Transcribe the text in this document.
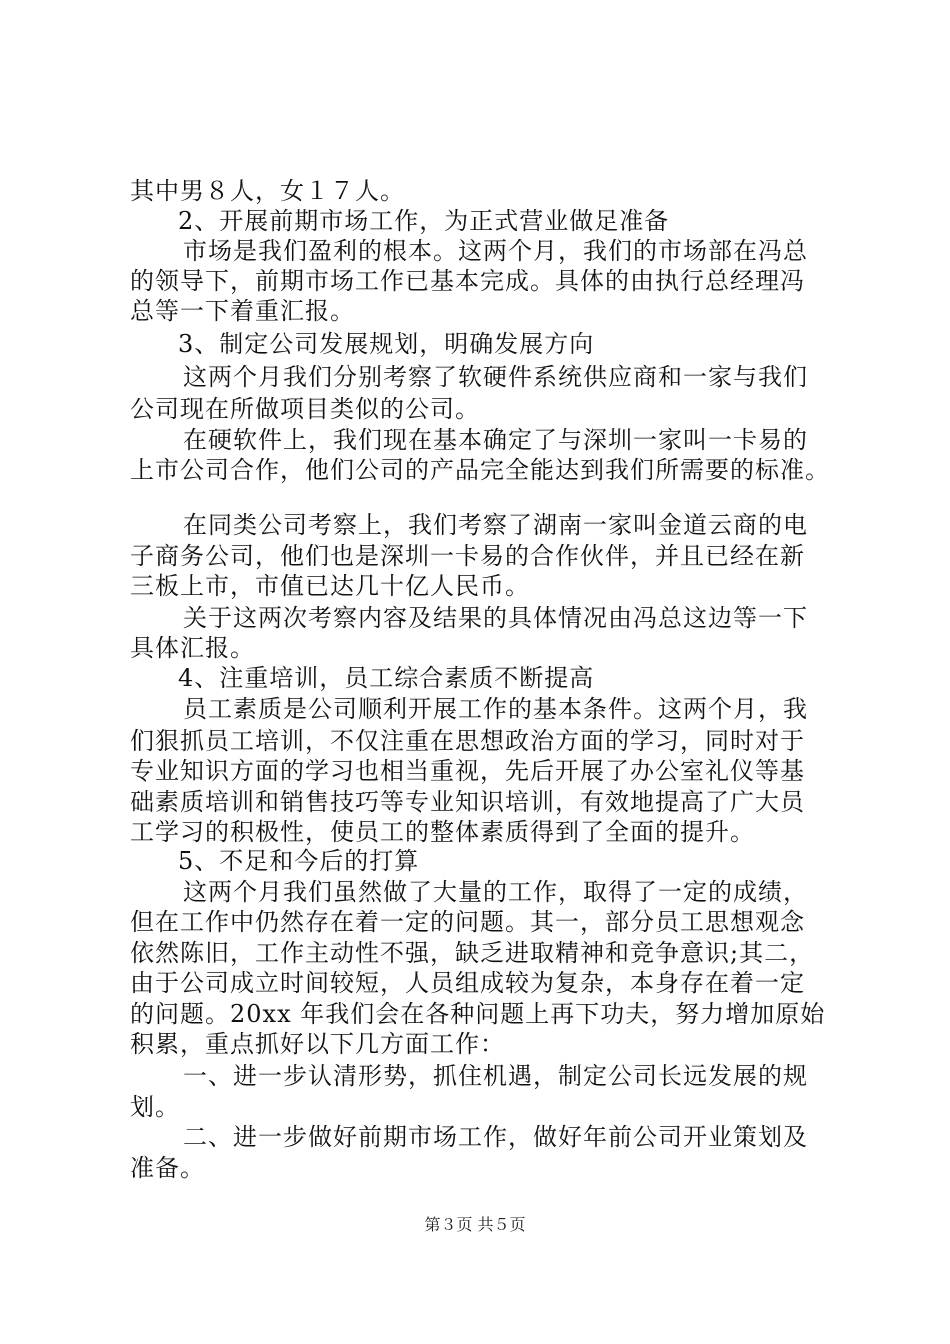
其中男８人，女１７人。
2、开展前期市场工作，为正式营业做足准备
市场是我们盈利的根本。这两个月，我们的市场部在冯总
的领导下，前期市场工作已基本完成。具体的由执行总经理冯
总等一下着重汇报。
3、制定公司发展规划，明确发展方向
这两个月我们分别考察了软硬件系统供应商和一家与我们
公司现在所做项目类似的公司。
在硬软件上，我们现在基本确定了与深圳一家叫一卡易的
上市公司合作，他们公司的产品完全能达到我们所需要的标准。
在同类公司考察上，我们考察了湖南一家叫金道云商的电
子商务公司，他们也是深圳一卡易的合作伙伴，并且已经在新
三板上市，市值已达几十亿人民币。
关于这两次考察内容及结果的具体情况由冯总这边等一下
具体汇报。
4、注重培训，员工综合素质不断提高
员工素质是公司顺利开展工作的基本条件。这两个月，我
们狠抓员工培训，不仅注重在思想政治方面的学习，同时对于
专业知识方面的学习也相当重视，先后开展了办公室礼仪等基
础素质培训和销售技巧等专业知识培训，有效地提高了广大员
工学习的积极性，使员工的整体素质得到了全面的提升。
5、不足和今后的打算
这两个月我们虽然做了大量的工作，取得了一定的成绩，
但在工作中仍然存在着一定的问题。其一，部分员工思想观念
依然陈旧，工作主动性不强，缺乏进取精神和竞争意识;其二，
由于公司成立时间较短，人员组成较为复杂，本身存在着一定
的问题。20xx 年我们会在各种问题上再下功夫，努力增加原始
积累，重点抓好以下几方面工作：
一、进一步认清形势，抓住机遇，制定公司长远发展的规
划。
二、进一步做好前期市场工作，做好年前公司开业策划及
准备。
第３页 共５页
